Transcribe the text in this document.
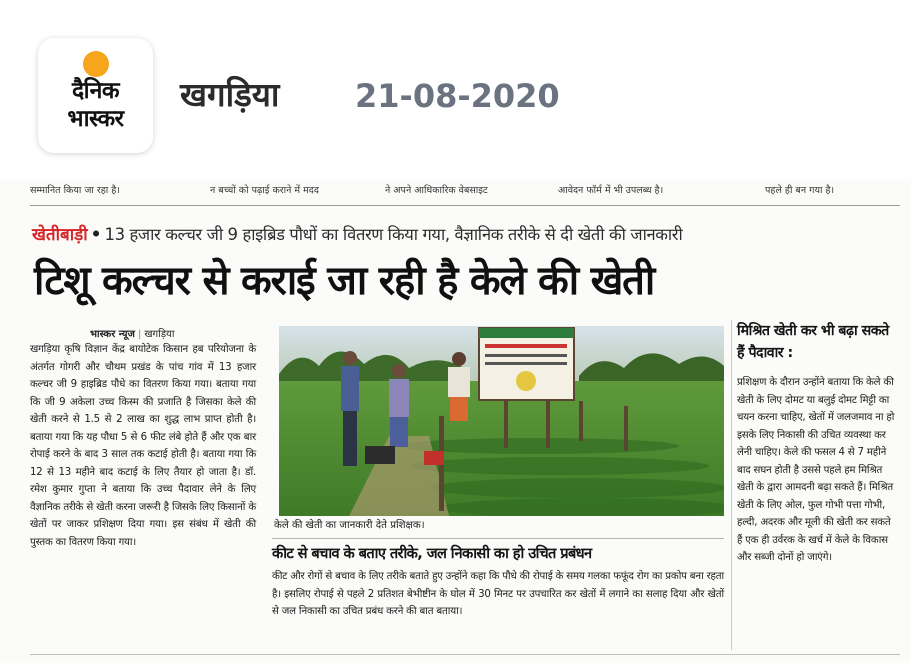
दैनिक
भास्कर
खगड़िया 21-08-2020
सम्मानित किया जा रहा है।	न बच्चों को पढ़ाई कराने में मदद	ने अपने आधिकारिक वेबसाइट	आवेदन फॉर्म में भी उपलब्ध है।	पहले ही बन गया है।
खेतीबाड़ी • 13 हजार कल्चर जी 9 हाइब्रिड पौधों का वितरण किया गया, वैज्ञानिक तरीके से दी खेती की जानकारी
टिशू कल्चर से कराई जा रही है केले की खेती
भास्कर न्यूज | खगड़िया
खगड़िया कृषि विज्ञान केंद्र बायोटेक किसान हब परियोजना के अंतर्गत गोगरी और चौथम प्रखंड के पांच गांव में 13 हजार कल्चर जी 9 हाइब्रिड पौधे का वितरण किया गया। बताया गया कि जी 9 अकेला उच्च किस्म की प्रजाति है जिसका केले की खेती करने से 1.5 से 2 लाख का शुद्ध लाभ प्राप्त होती है। बताया गया कि यह पौधा 5 से 6 फीट लंबे होते हैं और एक बार रोपाई करने के बाद 3 साल तक कटाई होती है। बताया गया कि 12 से 13 महीने बाद कटाई के लिए तैयार हो जाता है। डॉ. रमेश कुमार गुप्ता ने बताया कि उच्च पैदावार लेने के लिए वैज्ञानिक तरीके से खेती करना जरूरी है जिसके लिए किसानों के खेतों पर जाकर प्रशिक्षण दिया गया। इस संबंध में खेती की पुस्तक का वितरण किया गया।
केले की खेती का जानकारी देते प्रशिक्षक।
कीट से बचाव के बताए तरीके, जल निकासी का हो उचित प्रबंधन
कीट और रोगों से बचाव के लिए तरीके बताते हुए उन्होंने कहा कि पौधे की रोपाई के समय गलका फफूंद रोग का प्रकोप बना रहता है। इसलिए रोपाई से पहले 2 प्रतिशत बेभीष्टीन के घोल में 30 मिनट पर उपचारित कर खेतों में लगाने का सलाह दिया और खेतों से जल निकासी का उचित प्रबंध करने की बात बताया।
मिश्रित खेती कर भी बढ़ा सकते हैं पैदावार :
प्रशिक्षण के दौरान उन्होंने बताया कि केले की खेती के लिए दोमट या बलुई दोमट मिट्टी का चयन करना चाहिए, खेतों में जलजमाव ना हो इसके लिए निकासी की उचित व्यवस्था कर लेनी चाहिए। केले की फसल 4 से 7 महीने बाद सघन होती है उससे पहले हम मिश्रित खेती के द्वारा आमदनी बढ़ा सकते हैं। मिश्रित खेती के लिए ओल, फुल गोभी पत्ता गोभी, हल्दी, अदरक और मूली की खेती कर सकते हैं एक ही उर्वरक के खर्च में केले के विकास और सब्जी दोनों हो जाएंगे।
